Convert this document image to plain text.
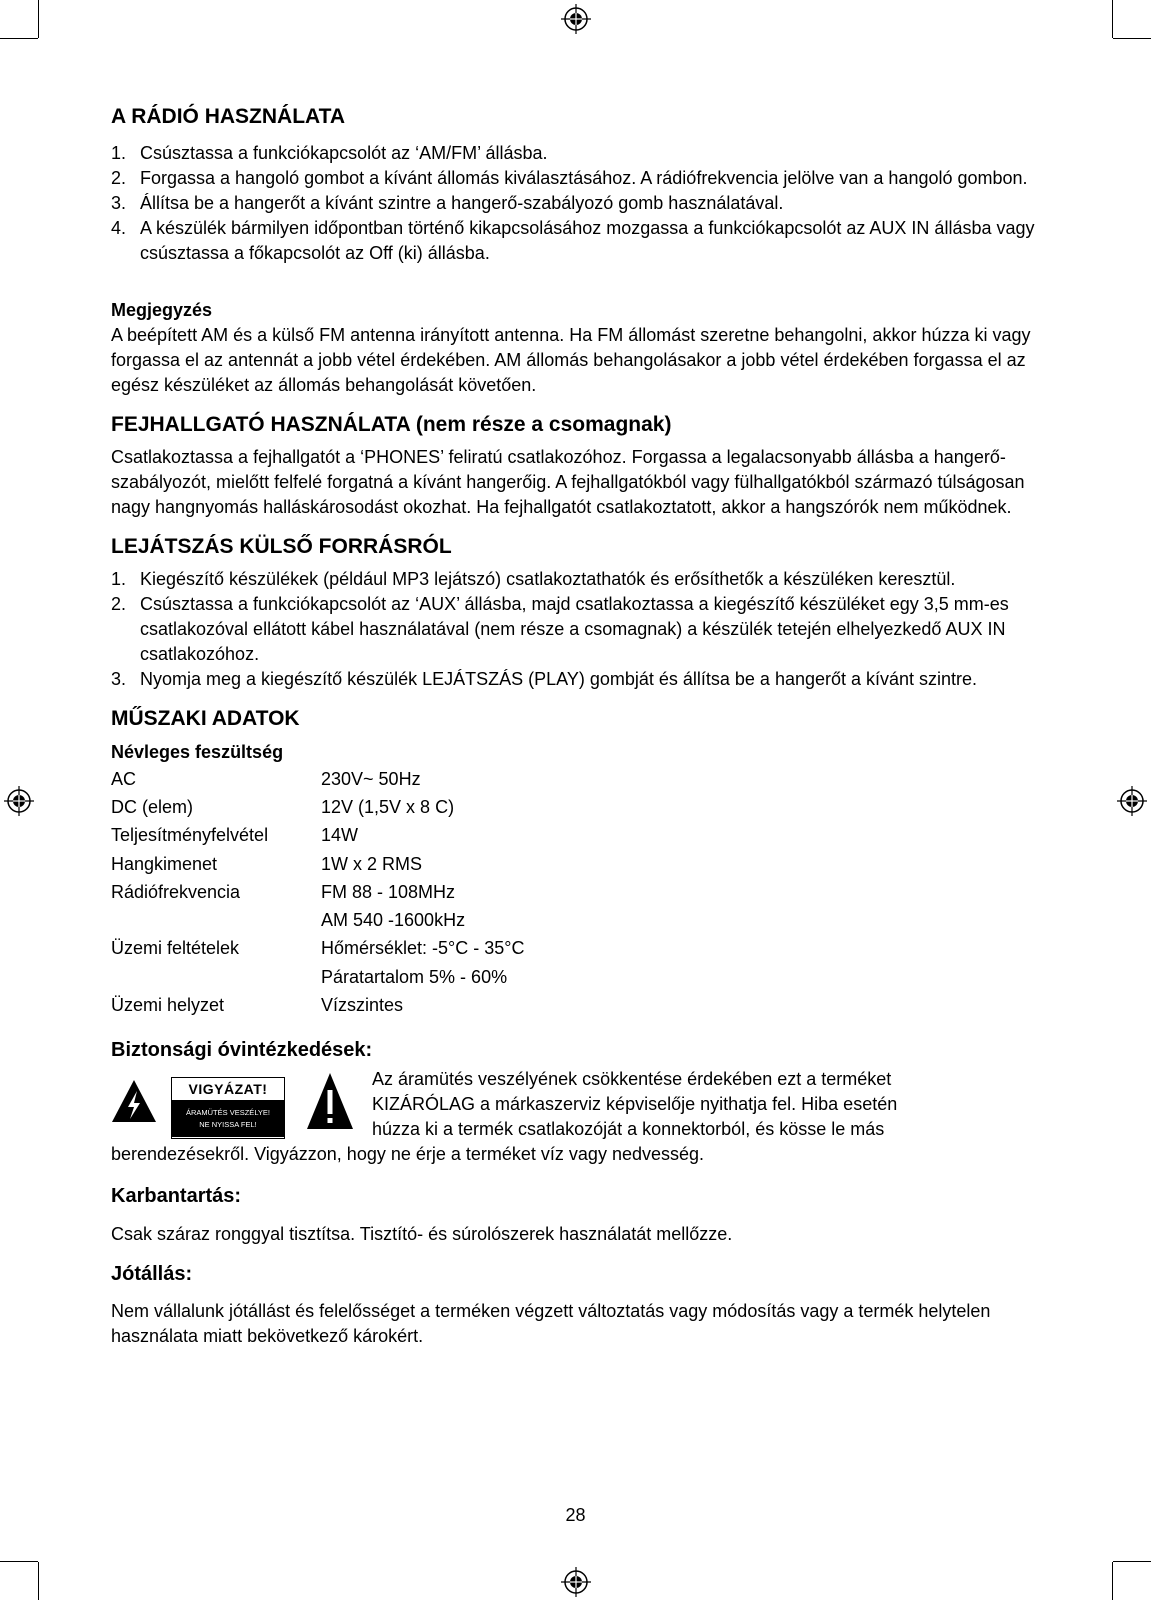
A RÁDIÓ HASZNÁLATA
1. Csúsztassa a funkciókapcsolót az ‘AM/FM’ állásba.
2. Forgassa a hangoló gombot a kívánt állomás kiválasztásához. A rádiófrekvencia jelölve van a hangoló gombon.
3. Állítsa be a hangerőt a kívánt szintre a hangerő-szabályozó gomb használatával.
4. A készülék bármilyen időpontban történő kikapcsolásához mozgassa a funkciókapcsolót az AUX IN állásba vagy csúsztassa a főkapcsolót az Off (ki) állásba.
Megjegyzés

A beépített AM és a külső FM antenna irányított antenna. Ha FM állomást szeretne behangolni, akkor húzza ki vagy forgassa el az antennát a jobb vétel érdekében. AM állomás behangolásakor a jobb vétel érdekében forgassa el az egész készüléket az állomás behangolását követően.

FEJHALLGATÓ HASZNÁLATA (nem része a csomagnak)

Csatlakoztassa a fejhallgatót a ‘PHONES’ feliratú csatlakozóhoz. Forgassa a legalacsonyabb állásba a hangerő-szabályozót, mielőtt felfelé forgatná a kívánt hangerőig. A fejhallgatókból vagy fülhallgatókból származó túlságosan nagy hangnyomás halláskárosodást okozhat. Ha fejhallgatót csatlakoztatott, akkor a hangszórók nem működnek.

LEJÁTSZÁS KÜLSŐ FORRÁSRÓL
1. Kiegészítő készülékek (például MP3 lejátszó) csatlakoztathatók és erősíthetők a készüléken keresztül.
2. Csúsztassa a funkciókapcsolót az ‘AUX’ állásba, majd csatlakoztassa a kiegészítő készüléket egy 3,5 mm-es csatlakozóval ellátott kábel használatával (nem része a csomagnak) a készülék tetején elhelyezkedő AUX IN csatlakozóhoz.
3. Nyomja meg a kiegészítő készülék LEJÁTSZÁS (PLAY) gombját és állítsa be a hangerőt a kívánt szintre.
MŰSZAKI ADATOK
Névleges feszültség
AC	230V~ 50Hz
DC (elem)	12V (1,5V x 8 C)
Teljesítményfelvétel	14W
Hangkimenet	1W x 2 RMS
Rádiófrekvencia	FM 88 - 108MHz
	AM 540 -1600kHz
Üzemi feltételek	Hőmérséklet: -5°C - 35°C
	Páratartalom 5% - 60%
Üzemi helyzet	Vízszintes
Biztonsági óvintézkedések:
VIGYÁZAT!
ÁRAMÜTÉS VESZÉLYE!
NE NYISSA FEL!
Az áramütés veszélyének csökkentése érdekében ezt a terméket
KIZÁRÓLAG a márkaszerviz képviselője nyithatja fel. Hiba esetén
húzza ki a termék csatlakozóját a konnektorból, és kösse le más
berendezésekről. Vigyázzon, hogy ne érje a terméket víz vagy nedvesség.
Karbantartás:

Csak száraz ronggyal tisztítsa. Tisztító- és súrolószerek használatát mellőzze.

Jótállás:

Nem vállalunk jótállást és felelősséget a terméken végzett változtatás vagy módosítás vagy a termék helytelen használata miatt bekövetkező károkért.

28
